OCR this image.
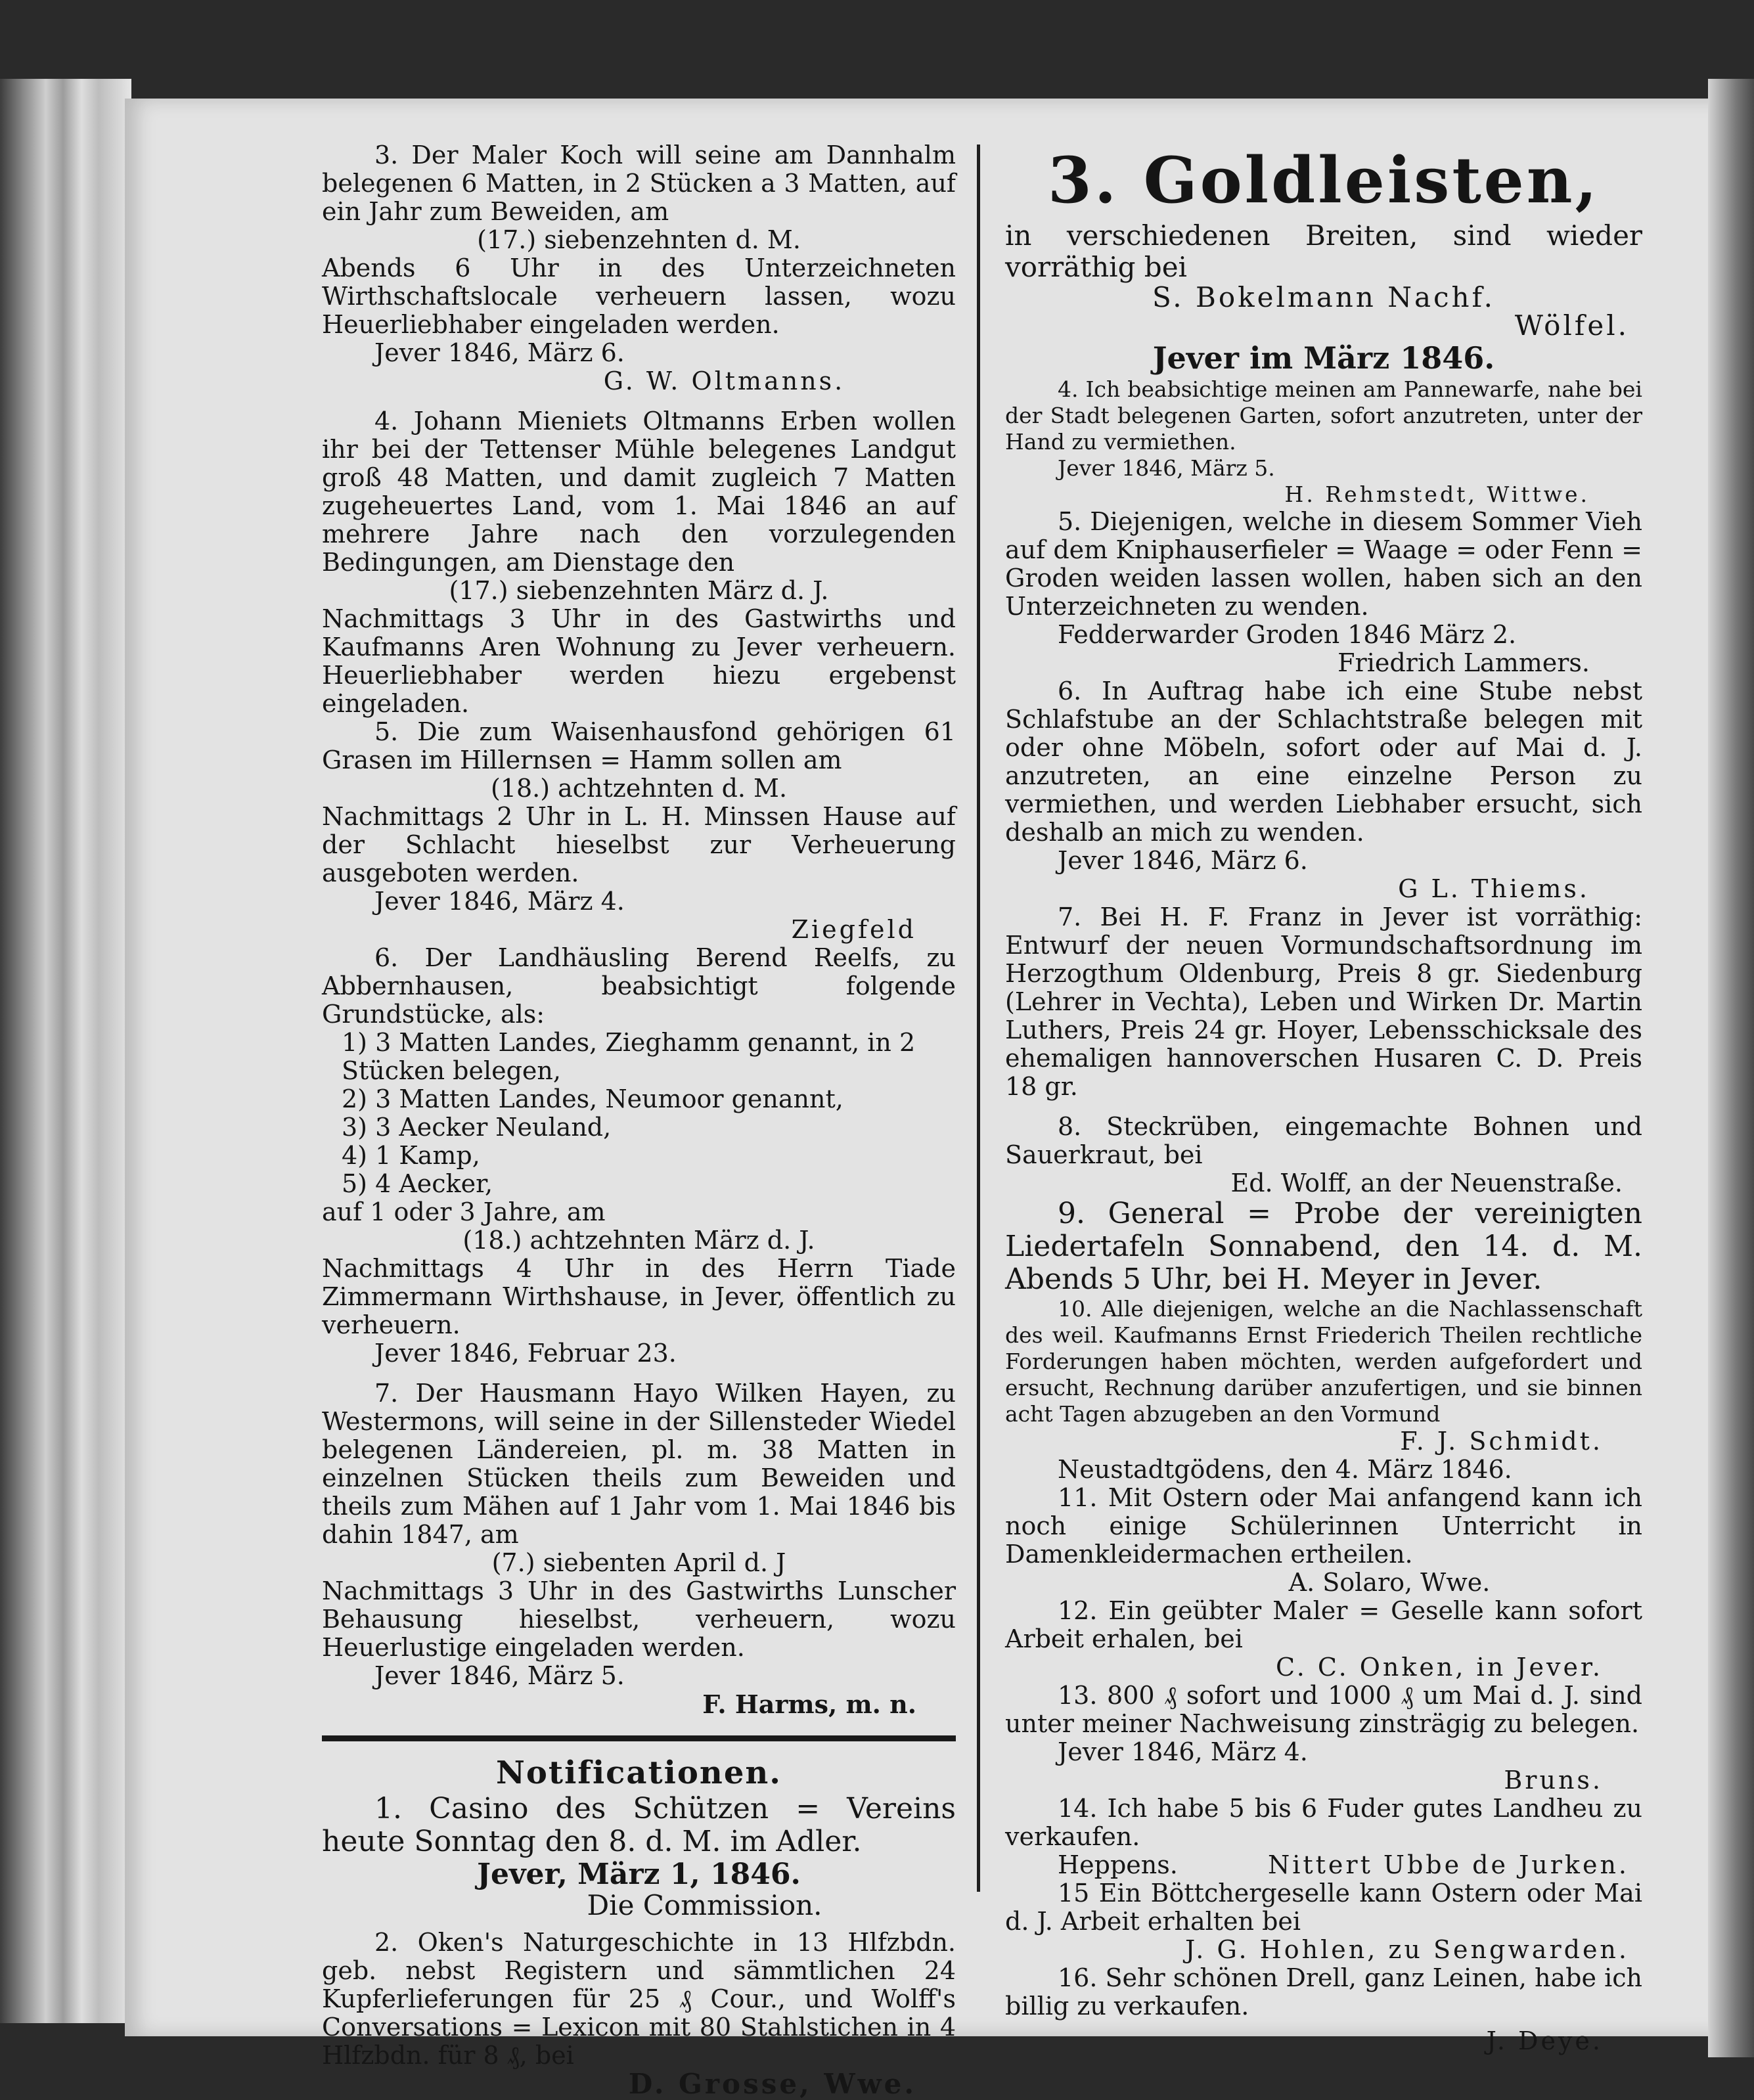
3. Der Maler Koch will seine am Dannhalm belegenen 6 Matten, in 2 Stücken a 3 Matten, auf ein Jahr zum Beweiden, am

(17.) siebenzehnten d. M.

Abends 6 Uhr in des Unterzeichneten Wirthschaftslocale verheuern lassen, wozu Heuerliebhaber eingeladen werden.

Jever 1846, März 6.

G. W. Oltmanns.

4. Johann Mieniets Oltmanns Erben wollen ihr bei der Tettenser Mühle belegenes Landgut groß 48 Matten, und damit zugleich 7 Matten zugeheuertes Land, vom 1. Mai 1846 an auf mehrere Jahre nach den vorzulegenden Bedingungen, am Dienstage den

(17.) siebenzehnten März d. J.

Nachmittags 3 Uhr in des Gastwirths und Kaufmanns Aren Wohnung zu Jever verheuern. Heuerliebhaber werden hiezu ergebenst eingeladen.

5. Die zum Waisenhausfond gehörigen 61 Grasen im Hillernsen = Hamm sollen am

(18.) achtzehnten d. M.

Nachmittags 2 Uhr in L. H. Minssen Hause auf der Schlacht hieselbst zur Verheuerung ausgeboten werden.

Jever 1846, März 4.

Ziegfeld

6. Der Landhäusling Berend Reelfs, zu Abbernhausen, beabsichtigt folgende Grundstücke, als:

1) 3 Matten Landes, Zieghamm genannt, in 2 Stücken belegen,

2) 3 Matten Landes, Neumoor genannt,

3) 3 Aecker Neuland,

4) 1 Kamp,

5) 4 Aecker,

auf 1 oder 3 Jahre, am

(18.) achtzehnten März d. J.

Nachmittags 4 Uhr in des Herrn Tiade Zimmermann Wirthshause, in Jever, öffentlich zu verheuern.

Jever 1846, Februar 23.

7. Der Hausmann Hayo Wilken Hayen, zu Westermons, will seine in der Sillensteder Wiedel belegenen Ländereien, pl. m. 38 Matten in einzelnen Stücken theils zum Beweiden und theils zum Mähen auf 1 Jahr vom 1. Mai 1846 bis dahin 1847, am

(7.) siebenten April d. J

Nachmittags 3 Uhr in des Gastwirths Lunscher Behausung hieselbst, verheuern, wozu Heuerlustige eingeladen werden.

Jever 1846, März 5.

F. Harms, m. n.

Notificationen.

1. Casino des Schützen = Vereins heute Sonntag den 8. d. M. im Adler.

Jever, März 1, 1846.

Die Commission.

2. Oken's Naturgeschichte in 13 Hlfzbdn. geb. nebst Registern und sämmtlichen 24 Kupferlieferungen für 25 ₰ Cour., und Wolff's Conversations = Lexicon mit 80 Stahlstichen in 4 Hlfzbdn. für 8 ₰, bei

D. Grosse, Wwe.

3. Goldleisten,

in verschiedenen Breiten, sind wieder vorräthig bei

S. Bokelmann Nachf.

Wölfel.

Jever im März 1846.

4. Ich beabsichtige meinen am Pannewarfe, nahe bei der Stadt belegenen Garten, sofort anzutreten, unter der Hand zu vermiethen.

Jever 1846, März 5.

H. Rehmstedt, Wittwe.

5. Diejenigen, welche in diesem Sommer Vieh auf dem Kniphauserfieler = Waage = oder Fenn = Groden weiden lassen wollen, haben sich an den Unterzeichneten zu wenden.

Fedderwarder Groden 1846 März 2.

Friedrich Lammers.

6. In Auftrag habe ich eine Stube nebst Schlafstube an der Schlachtstraße belegen mit oder ohne Möbeln, sofort oder auf Mai d. J. anzutreten, an eine einzelne Person zu vermiethen, und werden Liebhaber ersucht, sich deshalb an mich zu wenden.

Jever 1846, März 6.

G L. Thiems.

7. Bei H. F. Franz in Jever ist vorräthig: Entwurf der neuen Vormundschaftsordnung im Herzogthum Oldenburg, Preis 8 gr. Siedenburg (Lehrer in Vechta), Leben und Wirken Dr. Martin Luthers, Preis 24 gr. Hoyer, Lebensschicksale des ehemaligen hannoverschen Husaren C. D. Preis 18 gr.

8. Steckrüben, eingemachte Bohnen und Sauerkraut, bei

Ed. Wolff, an der Neuenstraße.

9. General = Probe der vereinigten Liedertafeln Sonnabend, den 14. d. M. Abends 5 Uhr, bei H. Meyer in Jever.

10. Alle diejenigen, welche an die Nachlassenschaft des weil. Kaufmanns Ernst Friederich Theilen rechtliche Forderungen haben möchten, werden aufgefordert und ersucht, Rechnung darüber anzufertigen, und sie binnen acht Tagen abzugeben an den Vormund

F. J. Schmidt.

Neustadtgödens, den 4. März 1846.

11. Mit Ostern oder Mai anfangend kann ich noch einige Schülerinnen Unterricht in Damenkleidermachen ertheilen.

A. Solaro, Wwe.

12. Ein geübter Maler = Geselle kann sofort Arbeit erhalen, bei

C. C. Onken, in Jever.

13. 800 ₰ sofort und 1000 ₰ um Mai d. J. sind unter meiner Nachweisung zinsträgig zu belegen.

Jever 1846, März 4.

Bruns.

14. Ich habe 5 bis 6 Fuder gutes Landheu zu verkaufen.

Heppens.	Nittert Ubbe de Jurken.

15 Ein Böttchergeselle kann Ostern oder Mai d. J. Arbeit erhalten bei

J. G. Hohlen, zu Sengwarden.

16. Sehr schönen Drell, ganz Leinen, habe ich billig zu verkaufen.

J. Deye.
